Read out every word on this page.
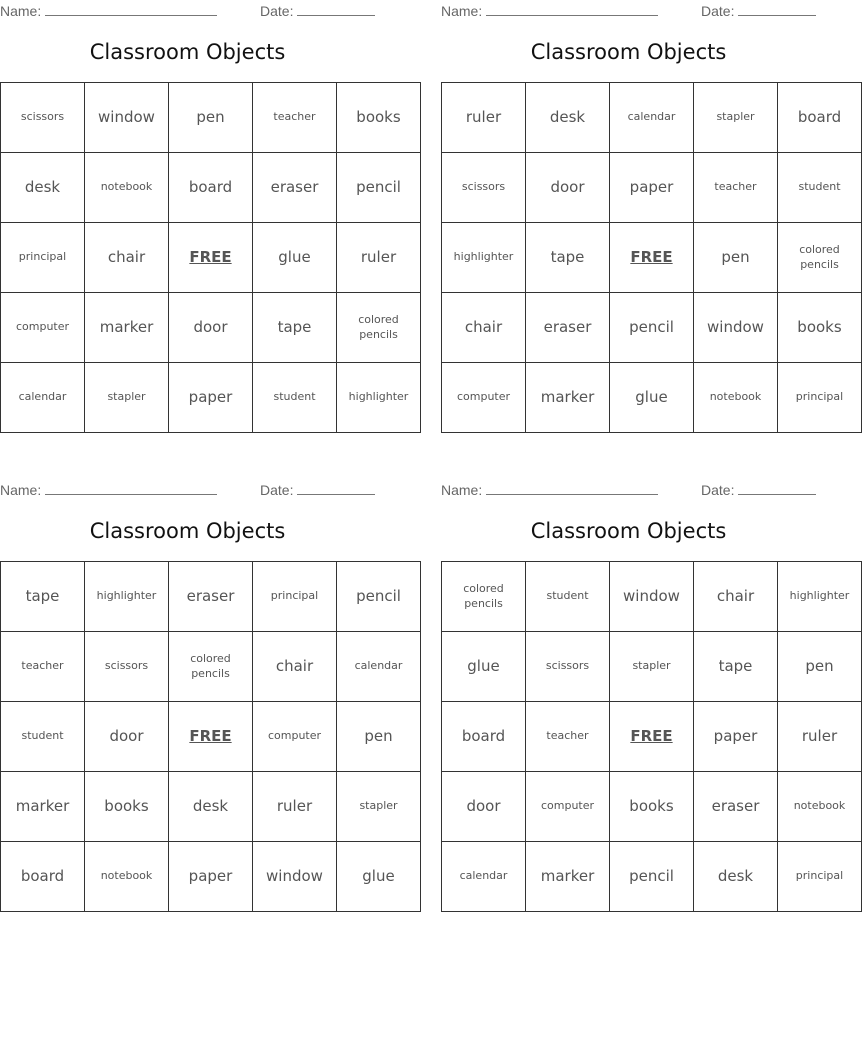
Name:	Date:
Classroom Objects
scissors	window	pen	teacher	books
desk	notebook	board	eraser	pencil
principal	chair	FREE	glue	ruler
computer	marker	door	tape	colored pencils
calendar	stapler	paper	student	highlighter
Name:	Date:
Classroom Objects
ruler	desk	calendar	stapler	board
scissors	door	paper	teacher	student
highlighter	tape	FREE	pen	colored pencils
chair	eraser	pencil	window	books
computer	marker	glue	notebook	principal
Name:	Date:
Classroom Objects
tape	highlighter	eraser	principal	pencil
teacher	scissors	colored pencils	chair	calendar
student	door	FREE	computer	pen
marker	books	desk	ruler	stapler
board	notebook	paper	window	glue
Name:	Date:
Classroom Objects
colored pencils	student	window	chair	highlighter
glue	scissors	stapler	tape	pen
board	teacher	FREE	paper	ruler
door	computer	books	eraser	notebook
calendar	marker	pencil	desk	principal
